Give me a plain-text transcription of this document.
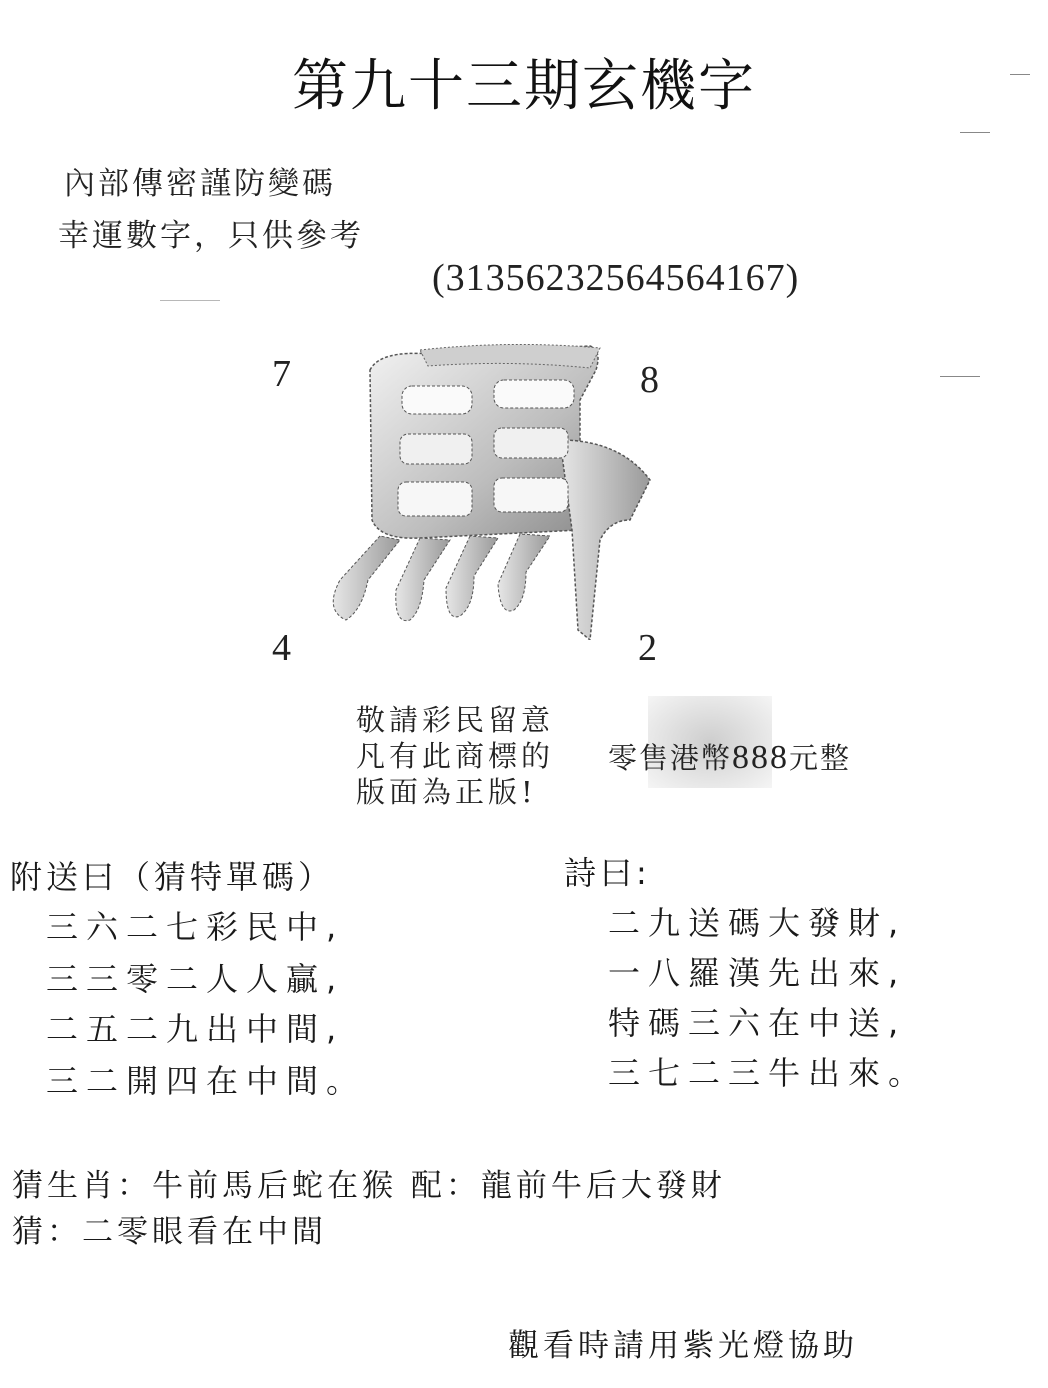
第九十三期玄機字
內部傳密謹防變碼
幸運數字，只供參考
(313562325645641​67)
7	8
4	2
敬請彩民留意
凡有此商標的
版面為正版!
零售港幣888元整
附送曰（猜特單碼）
三六二七彩民中,
三三零二人人贏,
二五二九出中間,
三二開四在中間。
詩曰:
二九送碼大發財,
一八羅漢先出來,
特碼三六在中送,
三七二三牛出來。
猜生肖：牛前馬后蛇在猴 配：龍前牛后大發財
猜：二零眼看在中間
觀看時請用紫光燈協助
